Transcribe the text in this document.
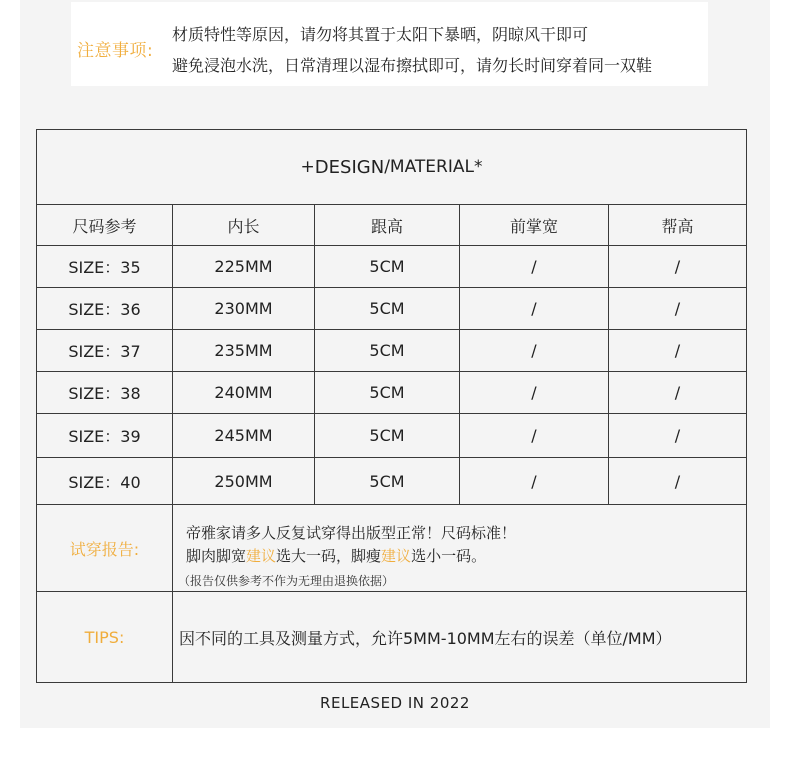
注意事项:
材质特性等原因，请勿将其置于太阳下暴晒，阴晾风干即可
避免浸泡水洗，日常清理以湿布擦拭即可，请勿长时间穿着同一双鞋
+ DESIGN /MATERIAL*
尺码参考	内长	跟高	前掌宽	帮高
SIZE：35	225MM	5CM	/	/
SIZE：36	230MM	5CM	/	/
SIZE：37	235MM	5CM	/	/
SIZE：38	240MM	5CM	/	/
SIZE：39	245MM	5CM	/	/
SIZE：40	250MM	5CM	/	/
试穿报告:
帝雅家请多人反复试穿得出版型正常！尺码标准！
脚肉脚宽建议选大一码，脚瘦建议选小一码。
（报告仅供参考不作为无理由退换依据）
TIPS:	因不同的工具及测量方式，允许5MM-10MM左右的误差（单位/MM）
RELEASED IN 2022
